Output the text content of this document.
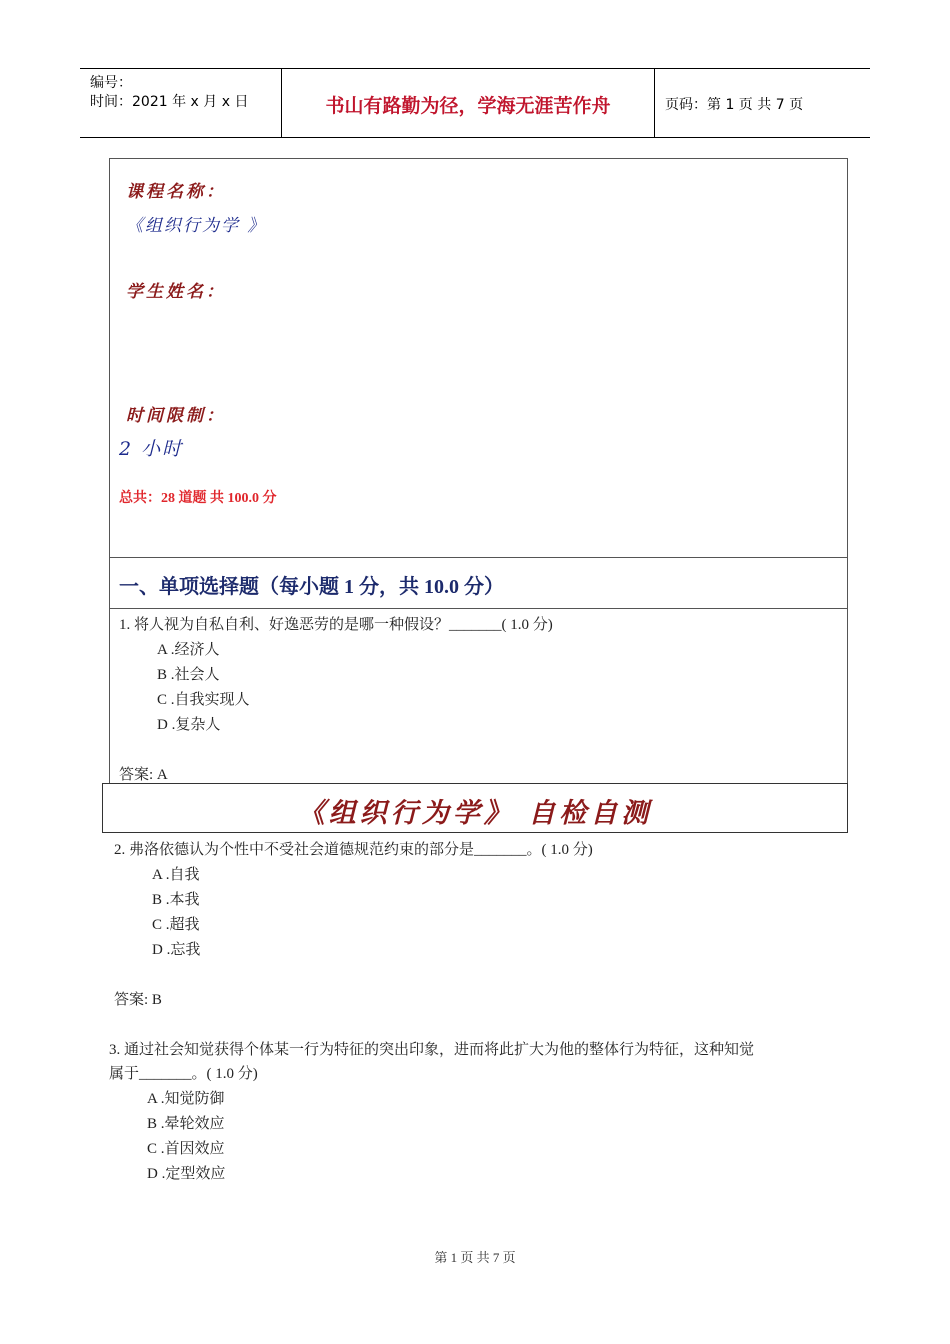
编号：
时间：2021 年 x 月 x 日	书山有路勤为径，学海无涯苦作舟	页码：第 1 页 共 7 页
课程名称：
《组织行为学 》
学生姓名：
时间限制：
2 小时
总共：28 道题 共 100.0 分
一、单项选择题（每小题 1 分，共 10.0 分）
1. 将人视为自私自利、好逸恶劳的是哪一种假设？_______( 1.0 分)
A .经济人
B .社会人
C .自我实现人
D .复杂人
答案: A
《组织行为学》 自检自测
2. 弗洛依德认为个性中不受社会道德规范约束的部分是_______。( 1.0 分)
A .自我
B .本我
C .超我
D .忘我
答案: B
3. 通过社会知觉获得个体某一行为特征的突出印象，进而将此扩大为他的整体行为特征，这种知觉
属于_______。( 1.0 分)
A .知觉防御
B .晕轮效应
C .首因效应
D .定型效应
第 1 页 共 7 页
